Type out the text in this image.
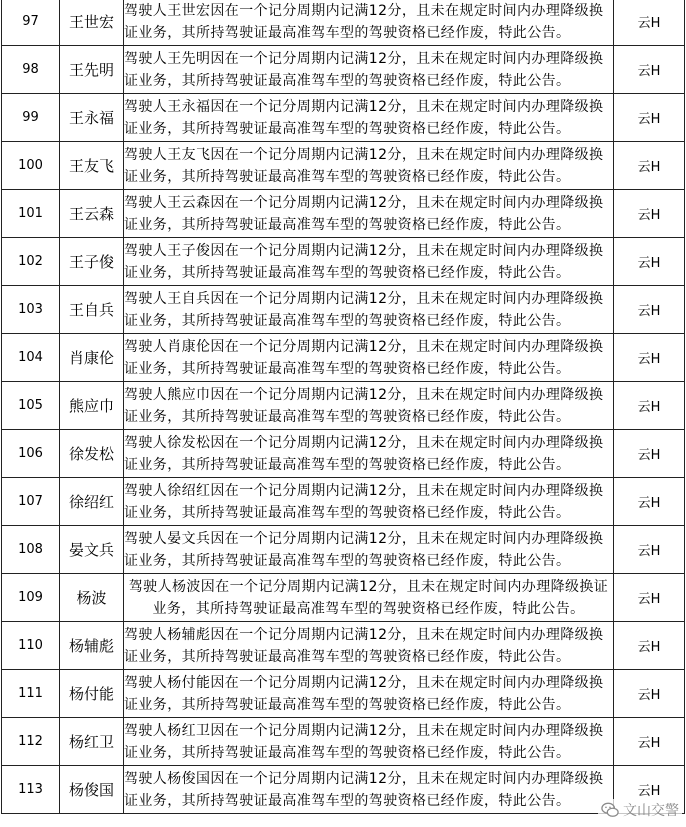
97	王世宏	驾驶人王世宏因在一个记分周期内记满12分，且未在规定时间内办理降级换证业务，其所持驾驶证最高准驾车型的驾驶资格已经作废，特此公告。	云H
98	王先明	驾驶人王先明因在一个记分周期内记满12分，且未在规定时间内办理降级换证业务，其所持驾驶证最高准驾车型的驾驶资格已经作废，特此公告。	云H
99	王永福	驾驶人王永福因在一个记分周期内记满12分，且未在规定时间内办理降级换证业务，其所持驾驶证最高准驾车型的驾驶资格已经作废，特此公告。	云H
100	王友飞	驾驶人王友飞因在一个记分周期内记满12分，且未在规定时间内办理降级换证业务，其所持驾驶证最高准驾车型的驾驶资格已经作废，特此公告。	云H
101	王云森	驾驶人王云森因在一个记分周期内记满12分，且未在规定时间内办理降级换证业务，其所持驾驶证最高准驾车型的驾驶资格已经作废，特此公告。	云H
102	王子俊	驾驶人王子俊因在一个记分周期内记满12分，且未在规定时间内办理降级换证业务，其所持驾驶证最高准驾车型的驾驶资格已经作废，特此公告。	云H
103	王自兵	驾驶人王自兵因在一个记分周期内记满12分，且未在规定时间内办理降级换证业务，其所持驾驶证最高准驾车型的驾驶资格已经作废，特此公告。	云H
104	肖康伦	驾驶人肖康伦因在一个记分周期内记满12分，且未在规定时间内办理降级换证业务，其所持驾驶证最高准驾车型的驾驶资格已经作废，特此公告。	云H
105	熊应巾	驾驶人熊应巾因在一个记分周期内记满12分，且未在规定时间内办理降级换证业务，其所持驾驶证最高准驾车型的驾驶资格已经作废，特此公告。	云H
106	徐发松	驾驶人徐发松因在一个记分周期内记满12分，且未在规定时间内办理降级换证业务，其所持驾驶证最高准驾车型的驾驶资格已经作废，特此公告。	云H
107	徐绍红	驾驶人徐绍红因在一个记分周期内记满12分，且未在规定时间内办理降级换证业务，其所持驾驶证最高准驾车型的驾驶资格已经作废，特此公告。	云H
108	晏文兵	驾驶人晏文兵因在一个记分周期内记满12分，且未在规定时间内办理降级换证业务，其所持驾驶证最高准驾车型的驾驶资格已经作废，特此公告。	云H
109	杨波	驾驶人杨波因在一个记分周期内记满12分，且未在规定时间内办理降级换证业务，其所持驾驶证最高准驾车型的驾驶资格已经作废，特此公告。	云H
110	杨辅彪	驾驶人杨辅彪因在一个记分周期内记满12分，且未在规定时间内办理降级换证业务，其所持驾驶证最高准驾车型的驾驶资格已经作废，特此公告。	云H
111	杨付能	驾驶人杨付能因在一个记分周期内记满12分，且未在规定时间内办理降级换证业务，其所持驾驶证最高准驾车型的驾驶资格已经作废，特此公告。	云H
112	杨红卫	驾驶人杨红卫因在一个记分周期内记满12分，且未在规定时间内办理降级换证业务，其所持驾驶证最高准驾车型的驾驶资格已经作废，特此公告。	云H
113	杨俊国	驾驶人杨俊国因在一个记分周期内记满12分，且未在规定时间内办理降级换证业务，其所持驾驶证最高准驾车型的驾驶资格已经作废，特此公告。	云H
文山交警
